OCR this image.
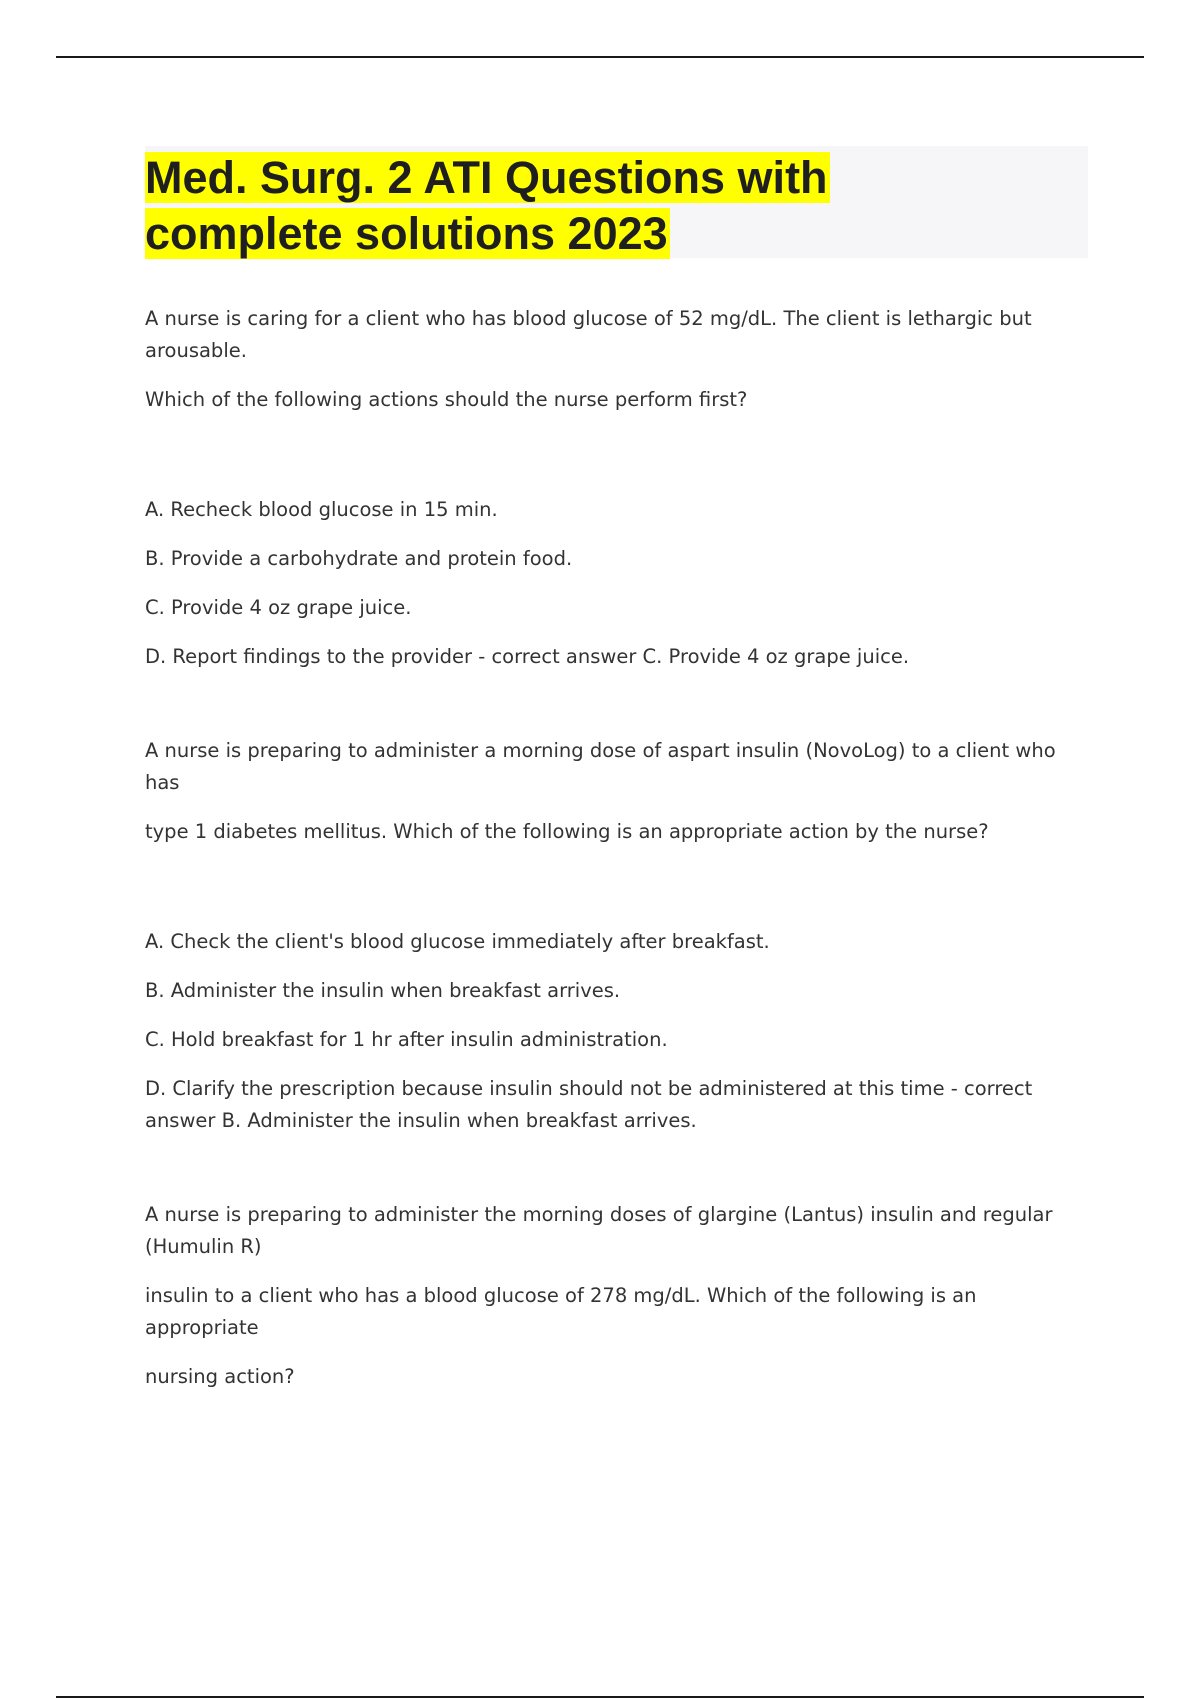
Med. Surg. 2 ATI Questions with
complete solutions 2023

A nurse is caring for a client who has blood glucose of 52 mg/dL. The client is lethargic but arousable.

Which of the following actions should the nurse perform first?

A. Recheck blood glucose in 15 min.

B. Provide a carbohydrate and protein food.

C. Provide 4 oz grape juice.

D. Report findings to the provider - correct answer C. Provide 4 oz grape juice.

A nurse is preparing to administer a morning dose of aspart insulin (NovoLog) to a client who has

type 1 diabetes mellitus. Which of the following is an appropriate action by the nurse?

A. Check the client's blood glucose immediately after breakfast.

B. Administer the insulin when breakfast arrives.

C. Hold breakfast for 1 hr after insulin administration.

D. Clarify the prescription because insulin should not be administered at this time - correct answer B. Administer the insulin when breakfast arrives.

A nurse is preparing to administer the morning doses of glargine (Lantus) insulin and regular (Humulin R)

insulin to a client who has a blood glucose of 278 mg/dL. Which of the following is an appropriate

nursing action?
